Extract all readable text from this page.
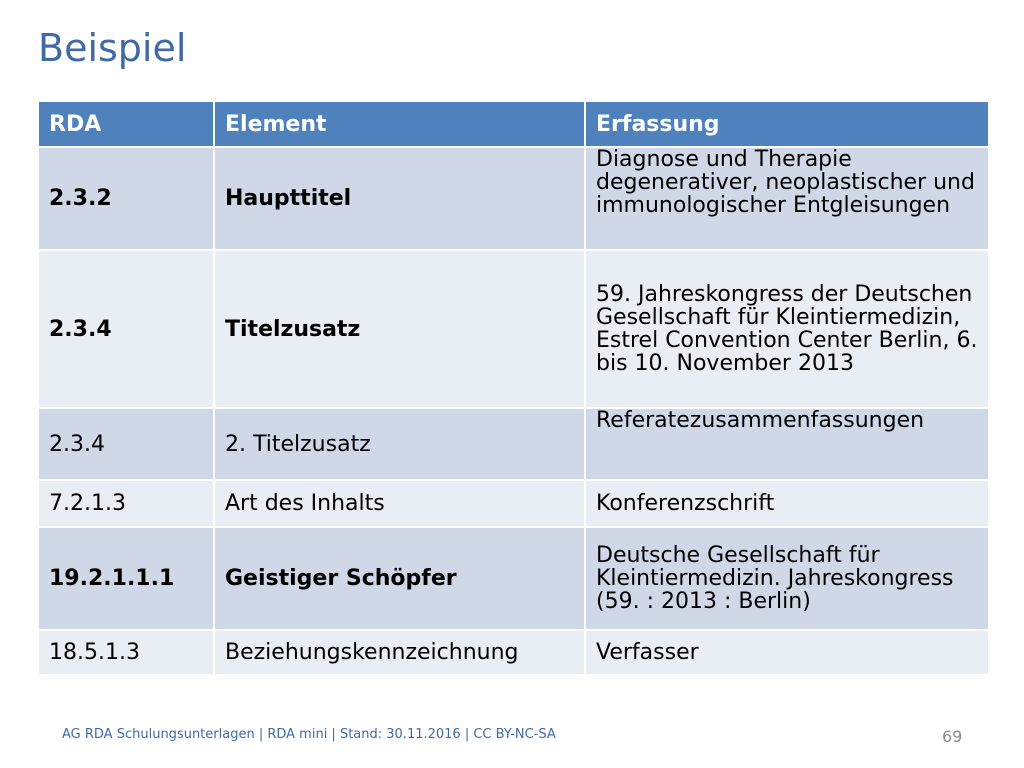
Beispiel
RDA	Element	Erfassung
2.3.2	Haupttitel	Diagnose und Therapie degenerativer, neoplastischer und immunologischer Entgleisungen
2.3.4	Titelzusatz	59. Jahreskongress der Deutschen Gesellschaft für Kleintiermedizin, Estrel Convention Center Berlin, 6. bis 10. November 2013
2.3.4	2. Titelzusatz	Referatezusammenfassungen
7.2.1.3	Art des Inhalts	Konferenzschrift
19.2.1.1.1	Geistiger Schöpfer	Deutsche Gesellschaft für Kleintiermedizin. Jahreskongress (59. : 2013 : Berlin)
18.5.1.3	Beziehungskennzeichnung	Verfasser
AG RDA Schulungsunterlagen | RDA mini | Stand: 30.11.2016 | CC BY-NC-SA	69
